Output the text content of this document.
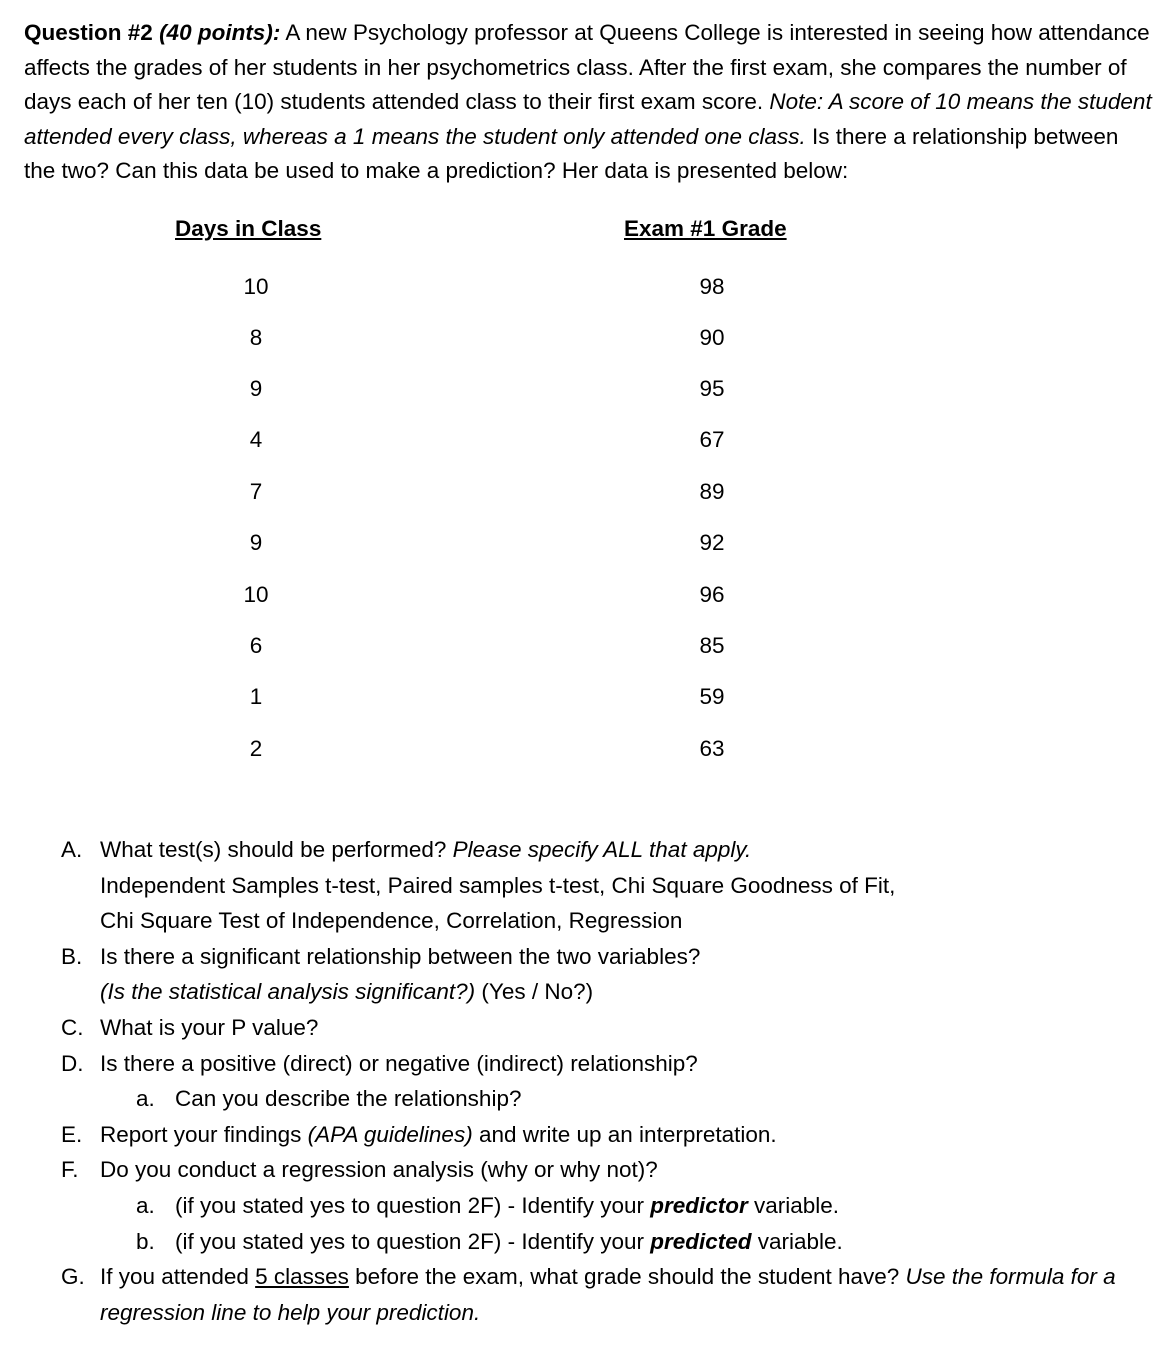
Question #2 (40 points): A new Psychology professor at Queens College is interested in seeing how attendance affects the grades of her students in her psychometrics class. After the first exam, she compares the number of days each of her ten (10) students attended class to their first exam score. Note: A score of 10 means the student attended every class, whereas a 1 means the student only attended one class. Is there a relationship between the two? Can this data be used to make a prediction? Her data is presented below:
Days in Class	Exam #1 Grade
10	98
8	90
9	95
4	67
7	89
9	92
10	96
6	85
1	59
2	63
A. What test(s) should be performed? Please specify ALL that apply.
Independent Samples t-test, Paired samples t-test, Chi Square Goodness of Fit,
Chi Square Test of Independence, Correlation, Regression
B. Is there a significant relationship between the two variables?
(Is the statistical analysis significant?) (Yes / No?)
C. What is your P value?
D. Is there a positive (direct) or negative (indirect) relationship?
a. Can you describe the relationship?
E. Report your findings (APA guidelines) and write up an interpretation.
F. Do you conduct a regression analysis (why or why not)?
a. (if you stated yes to question 2F) - Identify your predictor variable.
b. (if you stated yes to question 2F) - Identify your predicted variable.
G. If you attended 5 classes before the exam, what grade should the student have? Use the formula for a
regression line to help your prediction.
